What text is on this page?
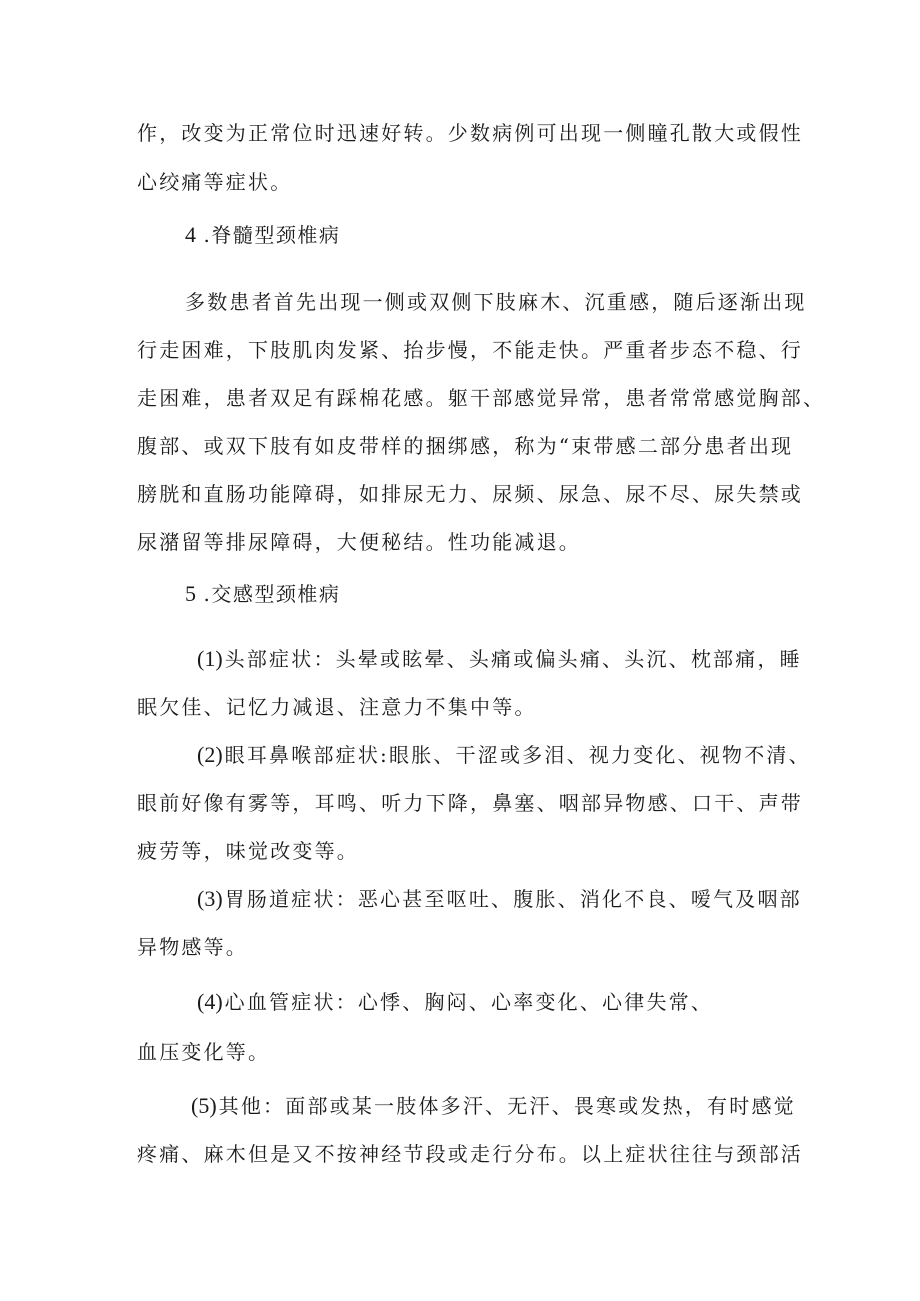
作，改变为正常位时迅速好转。少数病例可出现一侧瞳孔散大或假性
心绞痛等症状。
4 .脊髓型颈椎病
多数患者首先出现一侧或双侧下肢麻木、沉重感，随后逐渐出现
行走困难，下肢肌肉发紧、抬步慢，不能走快。严重者步态不稳、行
走困难，患者双足有踩棉花感。躯干部感觉异常，患者常常感觉胸部、
腹部、或双下肢有如皮带样的捆绑感，称为“束带感二部分患者出现
膀胱和直肠功能障碍，如排尿无力、尿频、尿急、尿不尽、尿失禁或
尿潴留等排尿障碍，大便秘结。性功能减退。
5 .交感型颈椎病
(1) 头部症状：头晕或眩晕、头痛或偏头痛、头沉、枕部痛，睡
眠欠佳、记忆力减退、注意力不集中等。
(2) 眼耳鼻喉部症状:眼胀、干涩或多泪、视力变化、视物不清、
眼前好像有雾等，耳鸣、听力下降，鼻塞、咽部异物感、口干、声带
疲劳等，味觉改变等。
(3) 胃肠道症状：恶心甚至呕吐、腹胀、消化不良、嗳气及咽部
异物感等。
(4) 心血管症状：心悸、胸闷、心率变化、心律失常、
血压变化等。
(5) 其他：面部或某一肢体多汗、无汗、畏寒或发热，有时感觉
疼痛、麻木但是又不按神经节段或走行分布。以上症状往往与颈部活
